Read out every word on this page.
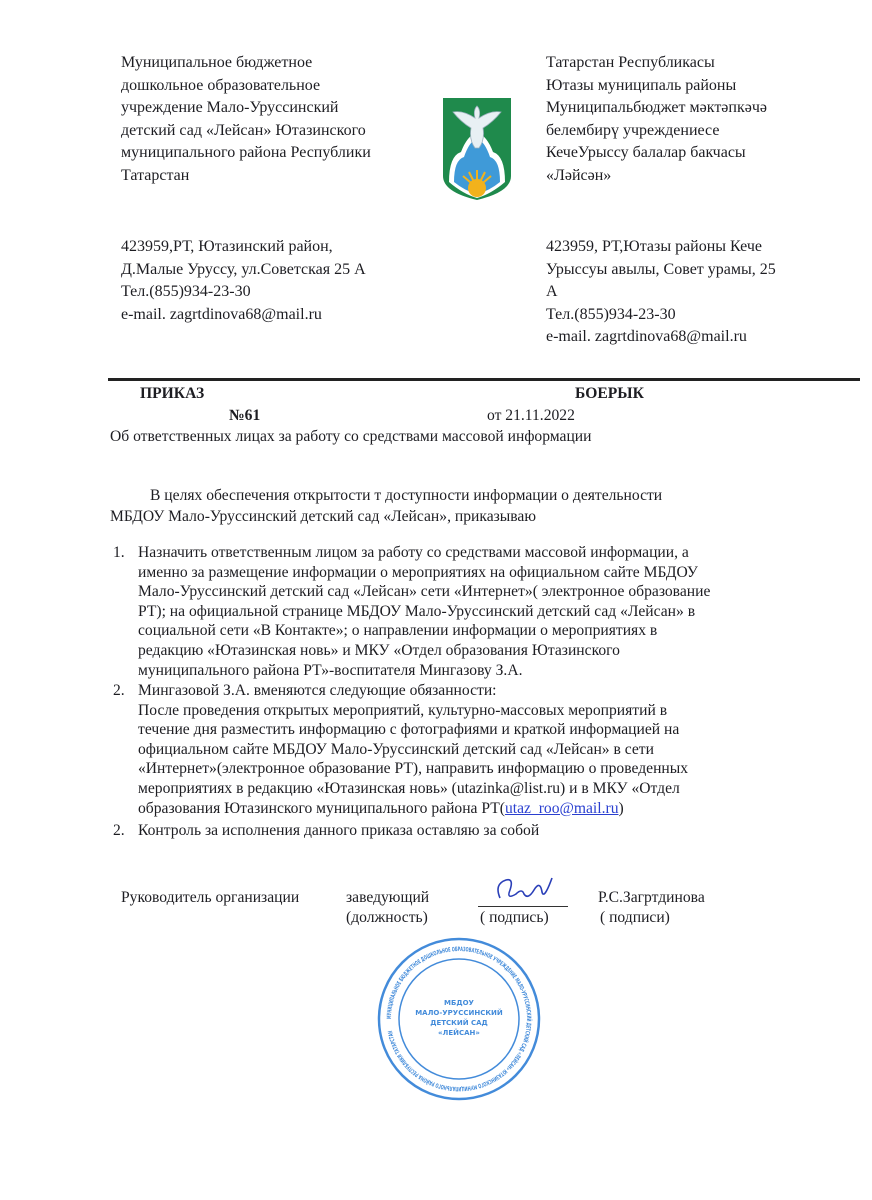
Муниципальное бюджетное
дошкольное образовательное
учреждение Мало-Уруссинский
детский сад «Лейсан» Ютазинского
муниципального района Республики
Татарстан
423959,РТ, Ютазинский район,
Д.Малые Уруссу, ул.Советская 25 А
Тел.(855)934-23-30
e-mail. zagrtdinova68@mail.ru
Татарстан Республикасы
Ютазы муниципаль районы
Муниципальбюджет мәктәпкәчә
белембирү учреждениесе
КечеУрыссу балалар бакчасы
«Ләйсән»
423959, РТ,Ютазы районы Кече
Урыссуы авылы, Совет урамы, 25
А
Тел.(855)934-23-30
e-mail. zagrtdinova68@mail.ru
ПРИКАЗ	БОЕРЫК
№61	от 21.11.2022
Об ответственных лицах за работу со средствами массовой информации
В целях обеспечения открытости т доступности информации о деятельности
МБДОУ Мало-Уруссинский детский сад «Лейсан», приказываю
1. Назначить ответственным лицом за работу со средствами массовой информации, а
именно за размещение информации о мероприятиях на официальном сайте МБДОУ
Мало-Уруссинский детский сад «Лейсан» сети «Интернет»( электронное образование
РТ); на официальной странице МБДОУ Мало-Уруссинский детский сад «Лейсан» в
социальной сети «В Контакте»; о направлении информации о мероприятиях в
редакцию «Ютазинская новь» и МКУ «Отдел образования Ютазинского
муниципального района РТ»-воспитателя Мингазову З.А.
2. Мингазовой З.А. вменяются следующие обязанности:
После проведения открытых мероприятий, культурно-массовых мероприятий в
течение дня разместить информацию с фотографиями и краткой информацией на
официальном сайте МБДОУ Мало-Уруссинский детский сад «Лейсан» в сети
«Интернет»(электронное образование РТ), направить информацию о проведенных
мероприятиях в редакцию «Ютазинская новь» (utazinka@list.ru) и в МКУ «Отдел
образования Ютазинского муниципального района РТ(utaz_roo@mail.ru)
2. Контроль за исполнения данного приказа оставляю за собой
Руководитель организации	заведующий	Р.С.Загртдинова
(должность)	( подпись)	( подписи)
МУНИЦИПАЛЬНОЕ БЮДЖЕТНОЕ ДОШКОЛЬНОЕ ОБРАЗОВАТЕЛЬНОЕ УЧРЕЖДЕНИЕ МАЛО-УРУССИНСКИЙ ДЕТСКИЙ САД «ЛЕЙСАН» ЮТАЗИНСКОГО МУНИЦИПАЛЬНОГО РАЙОНА РЕСПУБЛИКИ ТАТАРСТАН
МБДОУ
МАЛО-УРУССИНСКИЙ
ДЕТСКИЙ САД
«ЛЕЙСАН»
